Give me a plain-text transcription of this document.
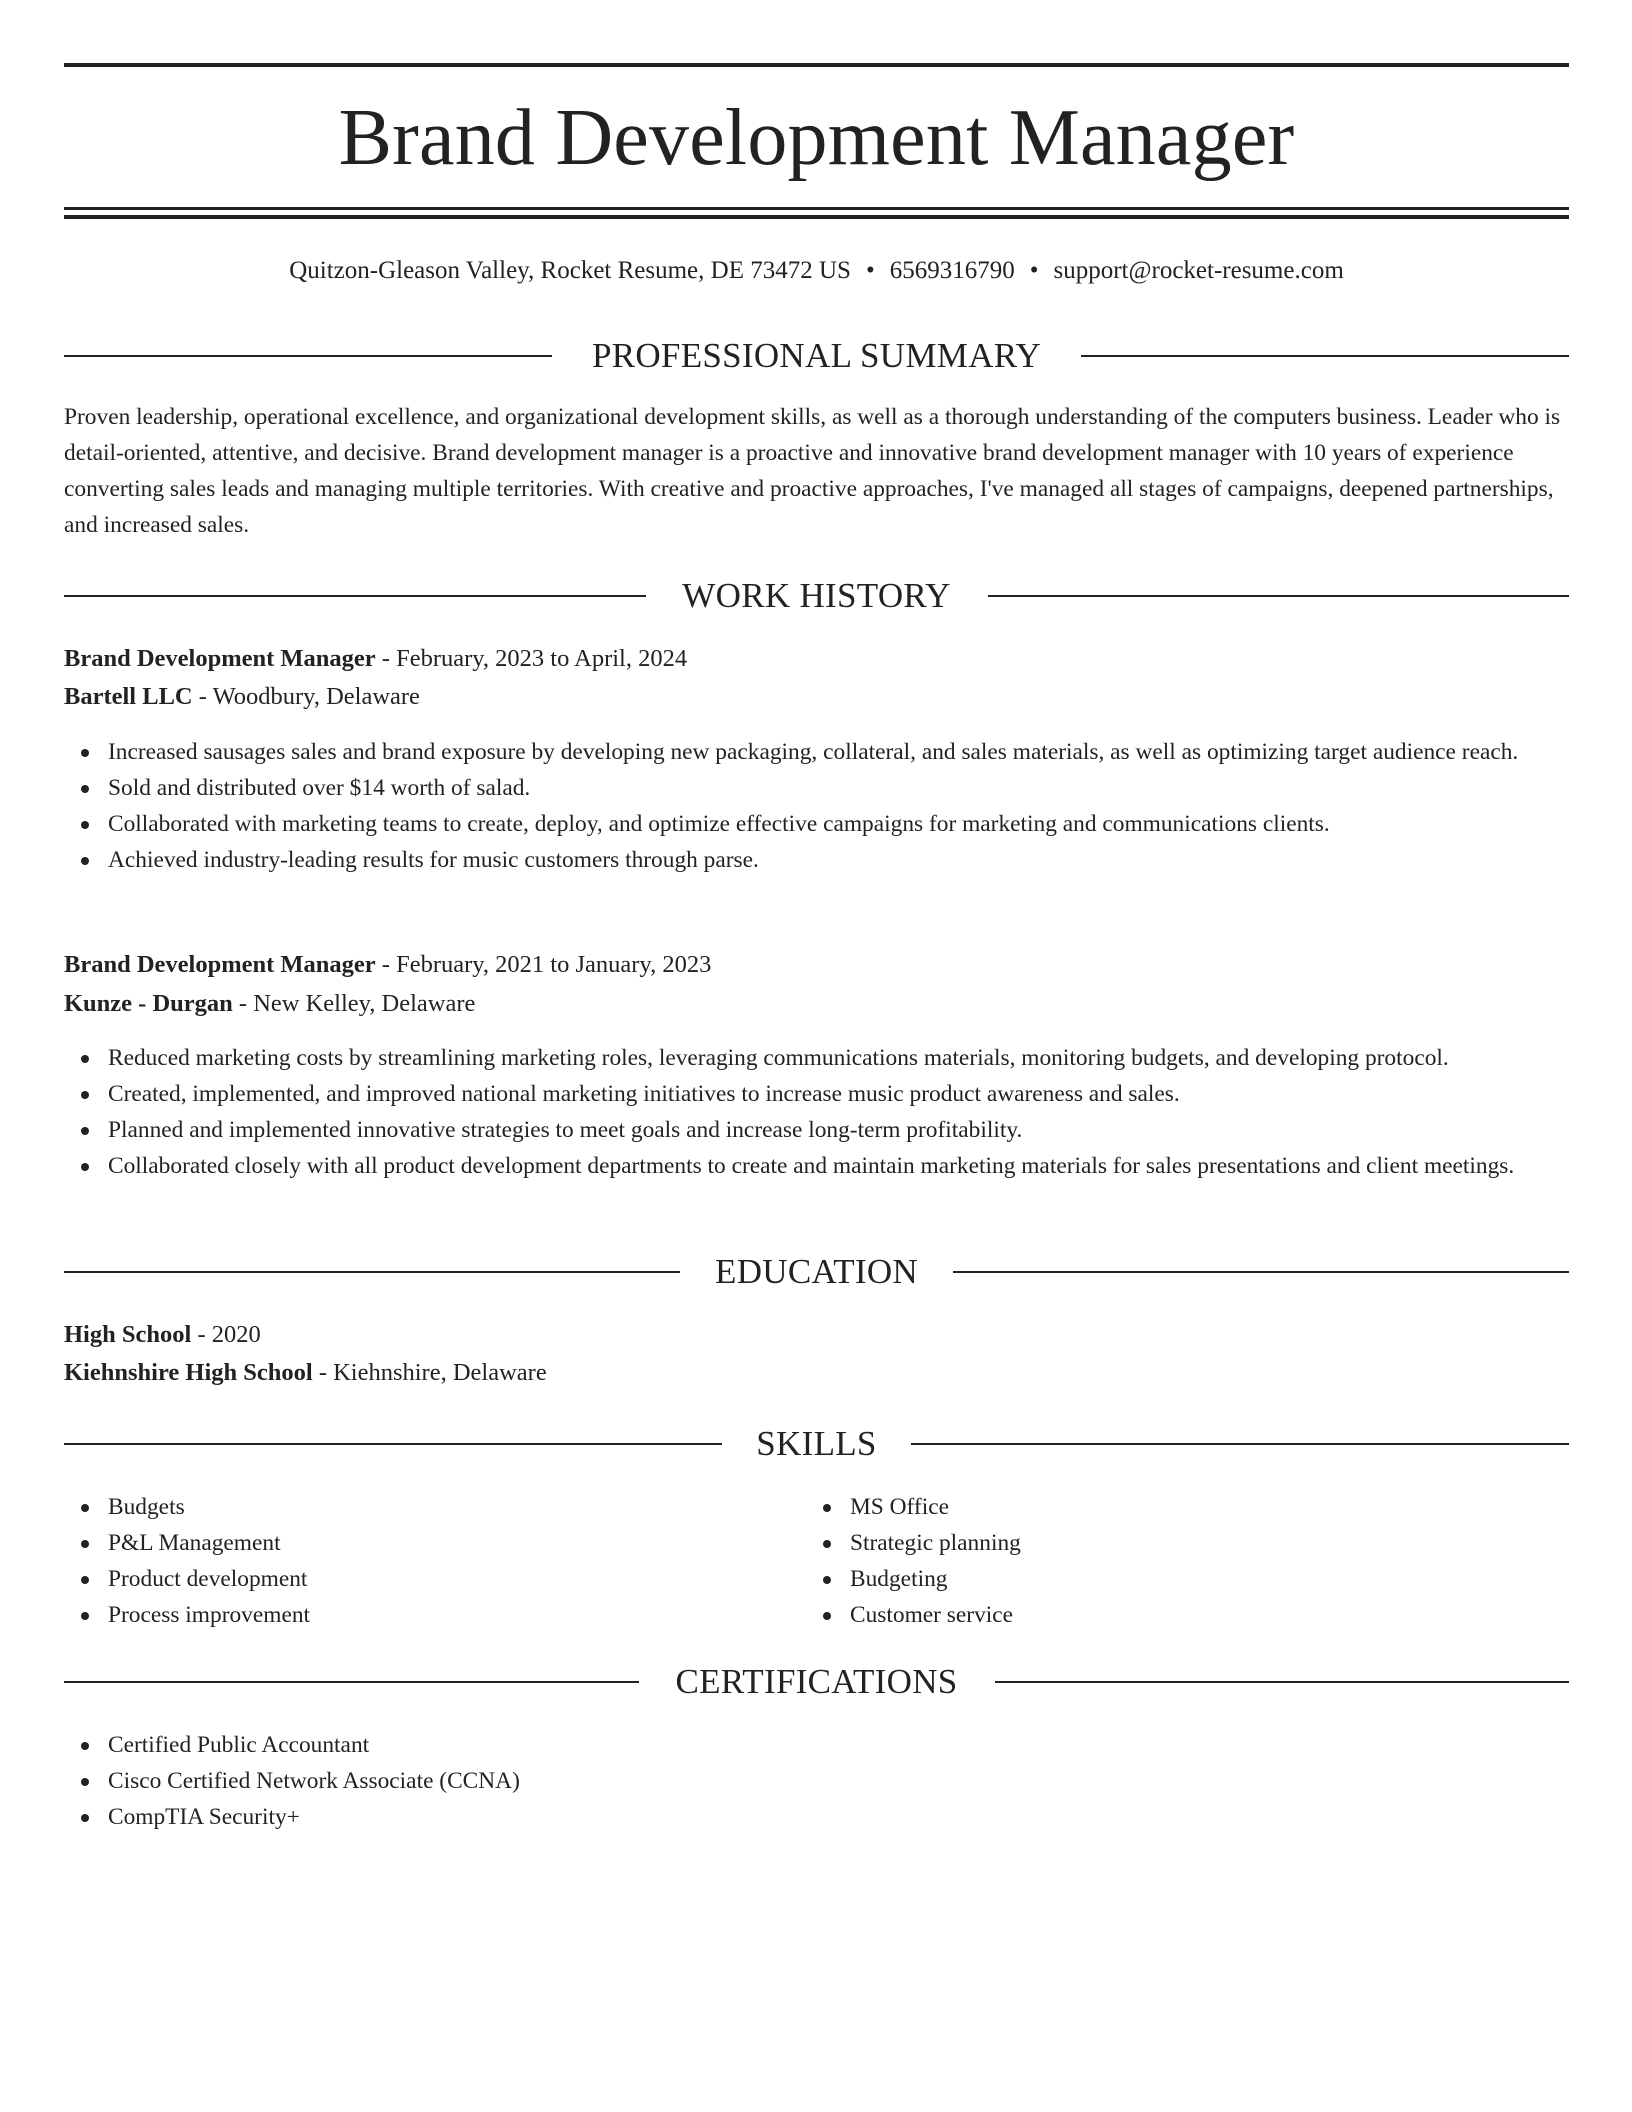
Brand Development Manager
Quitzon-Gleason Valley, Rocket Resume, DE 73472 US • 6569316790 • support@rocket-resume.com
PROFESSIONAL SUMMARY
Proven leadership, operational excellence, and organizational development skills, as well as a thorough understanding of the computers business. Leader who is detail-oriented, attentive, and decisive. Brand development manager is a proactive and innovative brand development manager with 10 years of experience converting sales leads and managing multiple territories. With creative and proactive approaches, I've managed all stages of campaigns, deepened partnerships, and increased sales.
WORK HISTORY
Brand Development Manager - February, 2023 to April, 2024
Bartell LLC - Woodbury, Delaware
Increased sausages sales and brand exposure by developing new packaging, collateral, and sales materials, as well as optimizing target audience reach.
Sold and distributed over $14 worth of salad.
Collaborated with marketing teams to create, deploy, and optimize effective campaigns for marketing and communications clients.
Achieved industry-leading results for music customers through parse.
Brand Development Manager - February, 2021 to January, 2023
Kunze - Durgan - New Kelley, Delaware
Reduced marketing costs by streamlining marketing roles, leveraging communications materials, monitoring budgets, and developing protocol.
Created, implemented, and improved national marketing initiatives to increase music product awareness and sales.
Planned and implemented innovative strategies to meet goals and increase long-term profitability.
Collaborated closely with all product development departments to create and maintain marketing materials for sales presentations and client meetings.
EDUCATION
High School - 2020
Kiehnshire High School - Kiehnshire, Delaware
SKILLS
Budgets
P&L Management
Product development
Process improvement
MS Office
Strategic planning
Budgeting
Customer service
CERTIFICATIONS
Certified Public Accountant
Cisco Certified Network Associate (CCNA)
CompTIA Security+
